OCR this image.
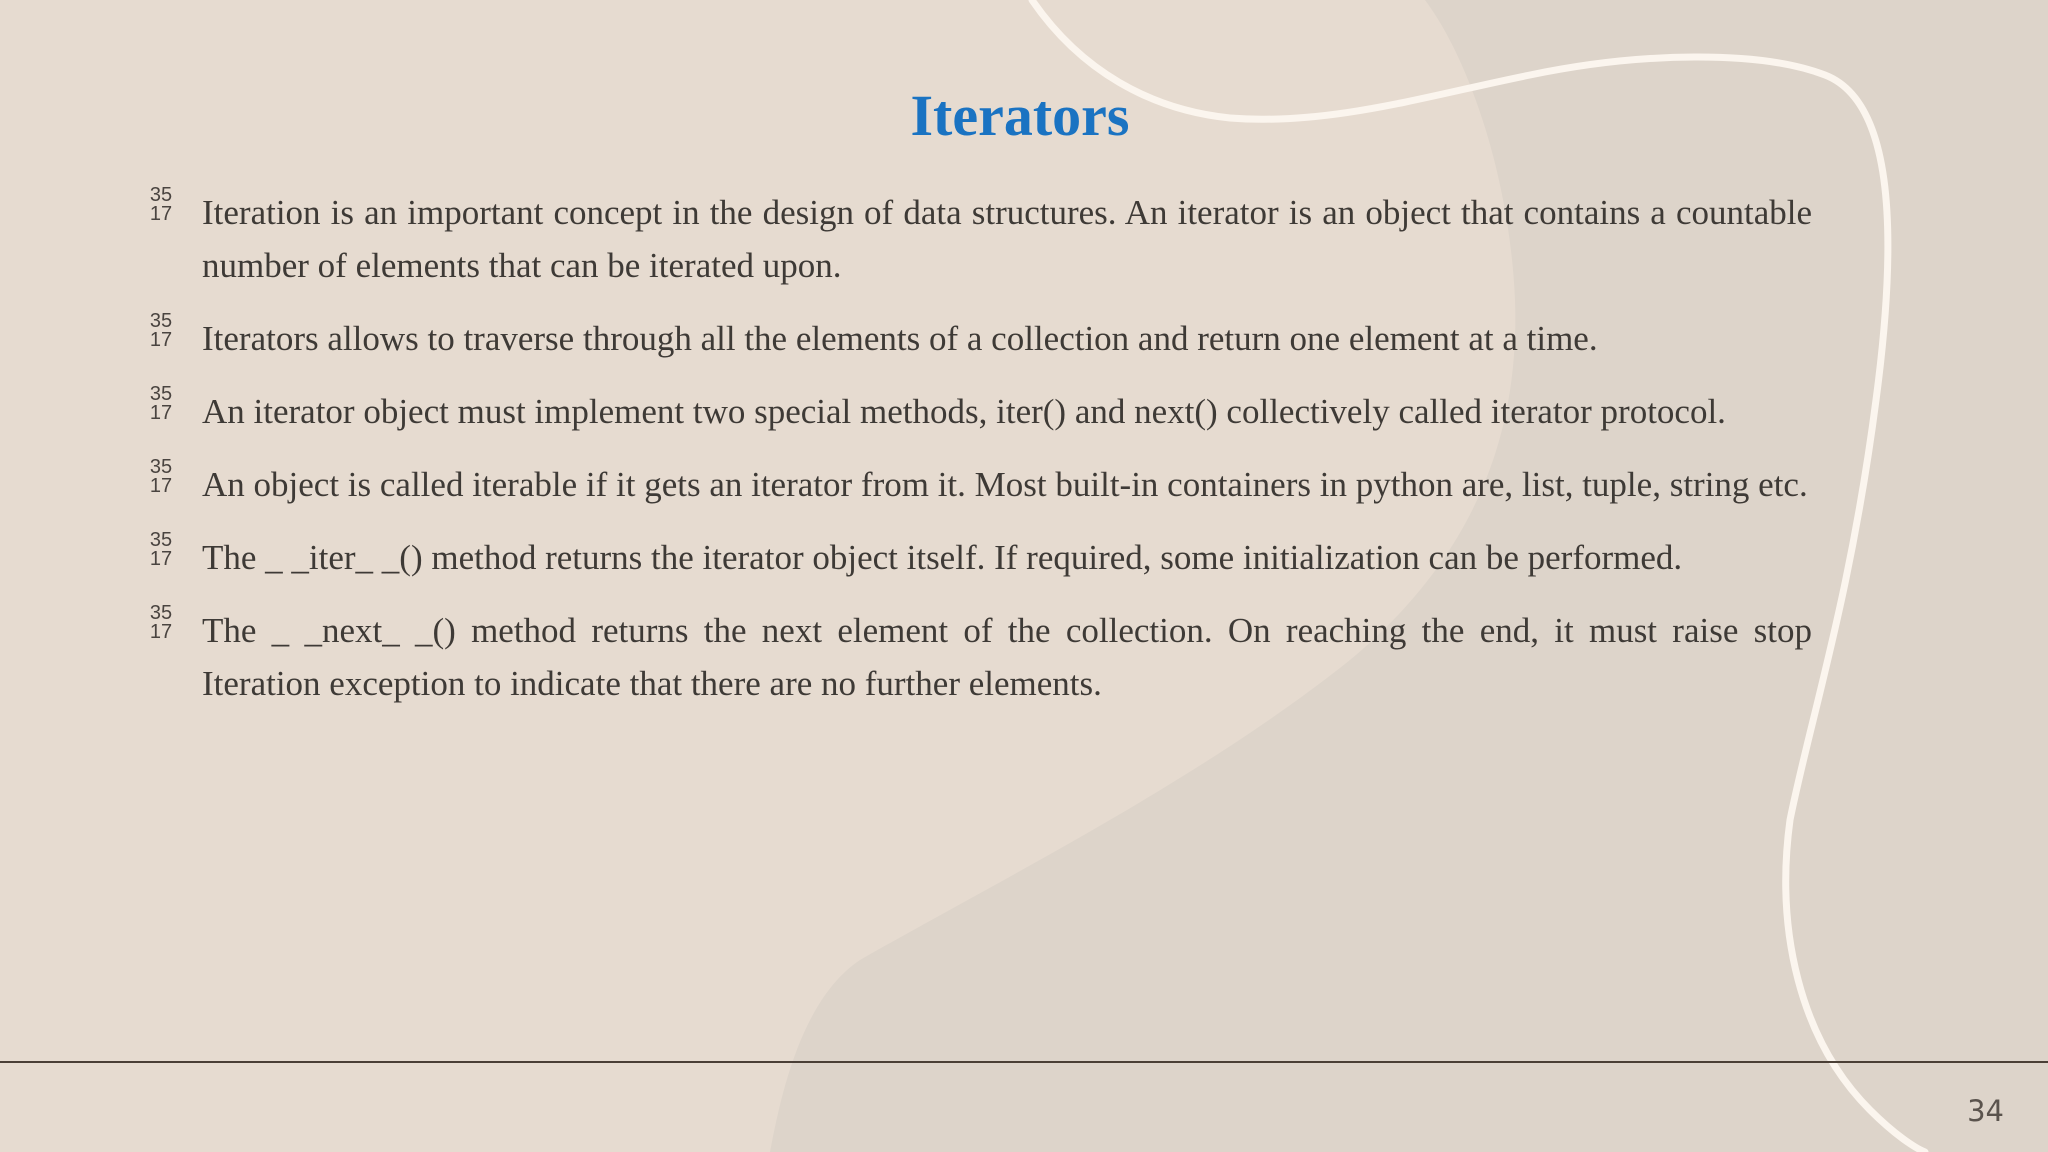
Iterators
35
17 Iteration is an important concept in the design of data structures. An iterator is an object that contains a countable number of elements that can be iterated upon.

35
17 Iterators allows to traverse through all the elements of a collection and return one element at a time.

35
17 An iterator object must implement two special methods, iter() and next() collectively called iterator protocol.

35
17 An object is called iterable if it gets an iterator from it. Most built-in containers in python are, list, tuple, string etc.

35
17 The _ _iter_ _() method returns the iterator object itself. If required, some initialization can be performed.

35
17 The _ _next_ _() method returns the next element of the collection. On reaching the end, it must raise stop Iteration exception to indicate that there are no further elements.

34
